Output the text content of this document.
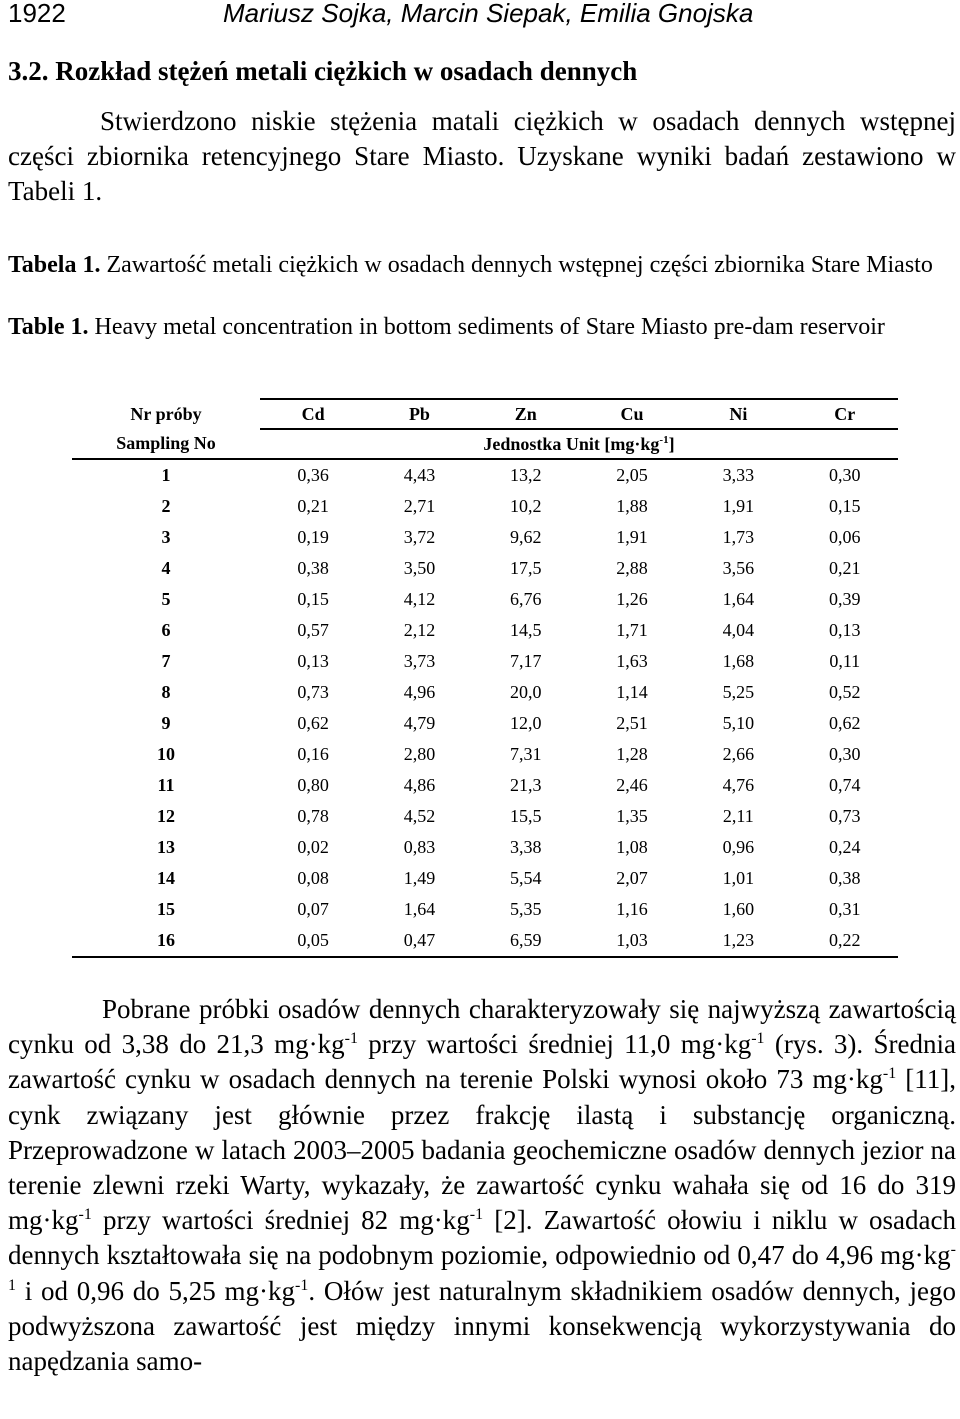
1922	Mariusz Sojka, Marcin Siepak, Emilia Gnojska
3.2. Rozkład stężeń metali ciężkich w osadach dennych

Stwierdzono niskie stężenia matali ciężkich w osadach dennych wstępnej części zbiornika retencyjnego Stare Miasto. Uzyskane wyniki badań zestawiono w Tabeli 1.

Tabela 1. Zawartość metali ciężkich w osadach dennych wstępnej części zbiornika Stare Miasto

Table 1. Heavy metal concentration in bottom sediments of Stare Miasto pre-dam reservoir

Nr próby	Cd	Pb	Zn	Cu	Ni	Cr
Sampling No	Jednostka Unit $[mg\cdot kg^{-1}]$					
1	0,36	4,43	13,2	2,05	3,33	0,30
2	0,21	2,71	10,2	1,88	1,91	0,15
3	0,19	3,72	9,62	1,91	1,73	0,06
4	0,38	3,50	17,5	2,88	3,56	0,21
5	0,15	4,12	6,76	1,26	1,64	0,39
6	0,57	2,12	14,5	1,71	4,04	0,13
7	0,13	3,73	7,17	1,63	1,68	0,11
8	0,73	4,96	20,0	1,14	5,25	0,52
9	0,62	4,79	12,0	2,51	5,10	0,62
10	0,16	2,80	7,31	1,28	2,66	0,30
11	0,80	4,86	21,3	2,46	4,76	0,74
12	0,78	4,52	15,5	1,35	2,11	0,73
13	0,02	0,83	3,38	1,08	0,96	0,24
14	0,08	1,49	5,54	2,07	1,01	0,38
15	0,07	1,64	5,35	1,16	1,60	0,31
16	0,05	0,47	6,59	1,03	1,23	0,22

Pobrane próbki osadów dennych charakteryzowały się najwyższą zawartością cynku od 3,38 do 21,3 $mg\cdot kg^{-1}$ przy wartości średniej 11,0 $mg\cdot kg^{-1}$ (rys. 3). Średnia zawartość cynku w osadach dennych na terenie Polski wynosi około 73 $mg\cdot kg^{-1}$ [11], cynk związany jest głównie przez frakcję ilastą i substancję organiczną. Przeprowadzone w latach 2003–2005 badania geochemiczne osadów dennych jezior na terenie zlewni rzeki Warty, wykazały, że zawartość cynku wahała się od 16 do 319 $mg\cdot kg^{-1}$ przy wartości średniej 82 $mg\cdot kg^{-1}$ [2]. Zawartość ołowiu i niklu w osadach dennych kształtowała się na podobnym poziomie, odpowiednio od 0,47 do 4,96 $mg\cdot kg^{-1}$ i od 0,96 do 5,25 $mg\cdot kg^{-1}$. Ołów jest naturalnym składnikiem osadów dennych, jego podwyższona zawartość jest między innymi konsekwencją wykorzystywania do napędzania samo-
